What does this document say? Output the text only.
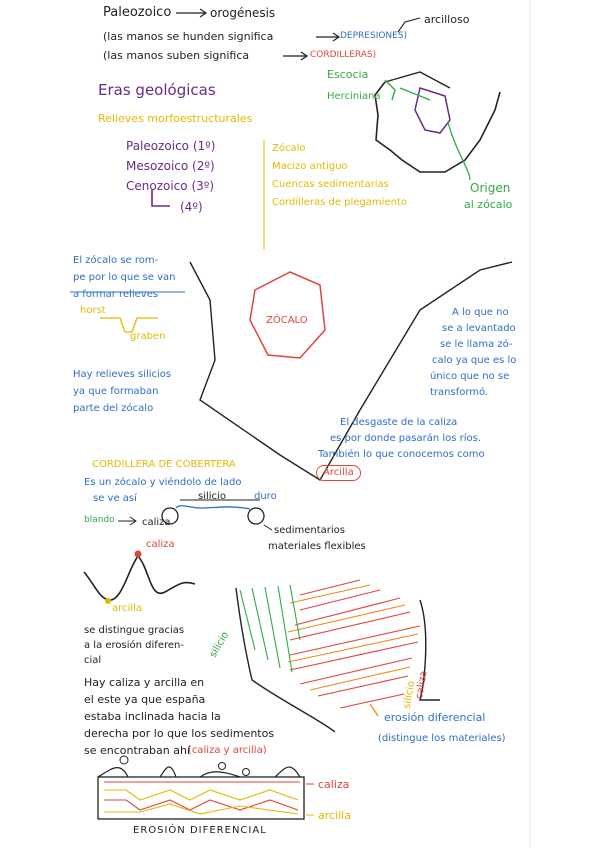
Paleozoico	orogénesis
(las manos se hunden significa	DEPRESIONES)
(las manos suben significa	CORDILLERAS)
arcilloso
Escocia
Herciniana
Origen
al zócalo
Eras geológicas
Relieves morfoestructurales
Paleozoico (1º)
Mesozoico (2º)
Cenozoico (3º)
(4º)
Zócalo
Macizo antiguo
Cuencas sedimentarias
Cordilleras de plegamiento
El zócalo se rom-
pe por lo que se van
a formar relieves
horst
graben
Hay relieves silicios
ya que formaban
parte del zócalo
ZÓCALO
A lo que no
se a levantado
se le llama zó-
calo ya que es lo
único que no se
transformó.
El desgaste de la caliza
es por donde pasarán los ríos.
También lo que conocemos como
Arcilla
CORDILLERA DE COBERTERA
Es un zócalo y viéndolo de lado
se ve así	silicio	duro
blando	caliza
sedimentarios
materiales flexibles
caliza
arcilla
silicio
silicio
caliza
se distingue gracias
a la erosión diferen-
cial
Hay caliza y arcilla en
el este ya que españa
estaba inclinada hacia la
derecha por lo que los sedimentos
se encontraban ahí
(caliza y arcilla)
erosión diferencial
(distingue los materiales)
caliza
arcilla
EROSIÓN DIFERENCIAL
